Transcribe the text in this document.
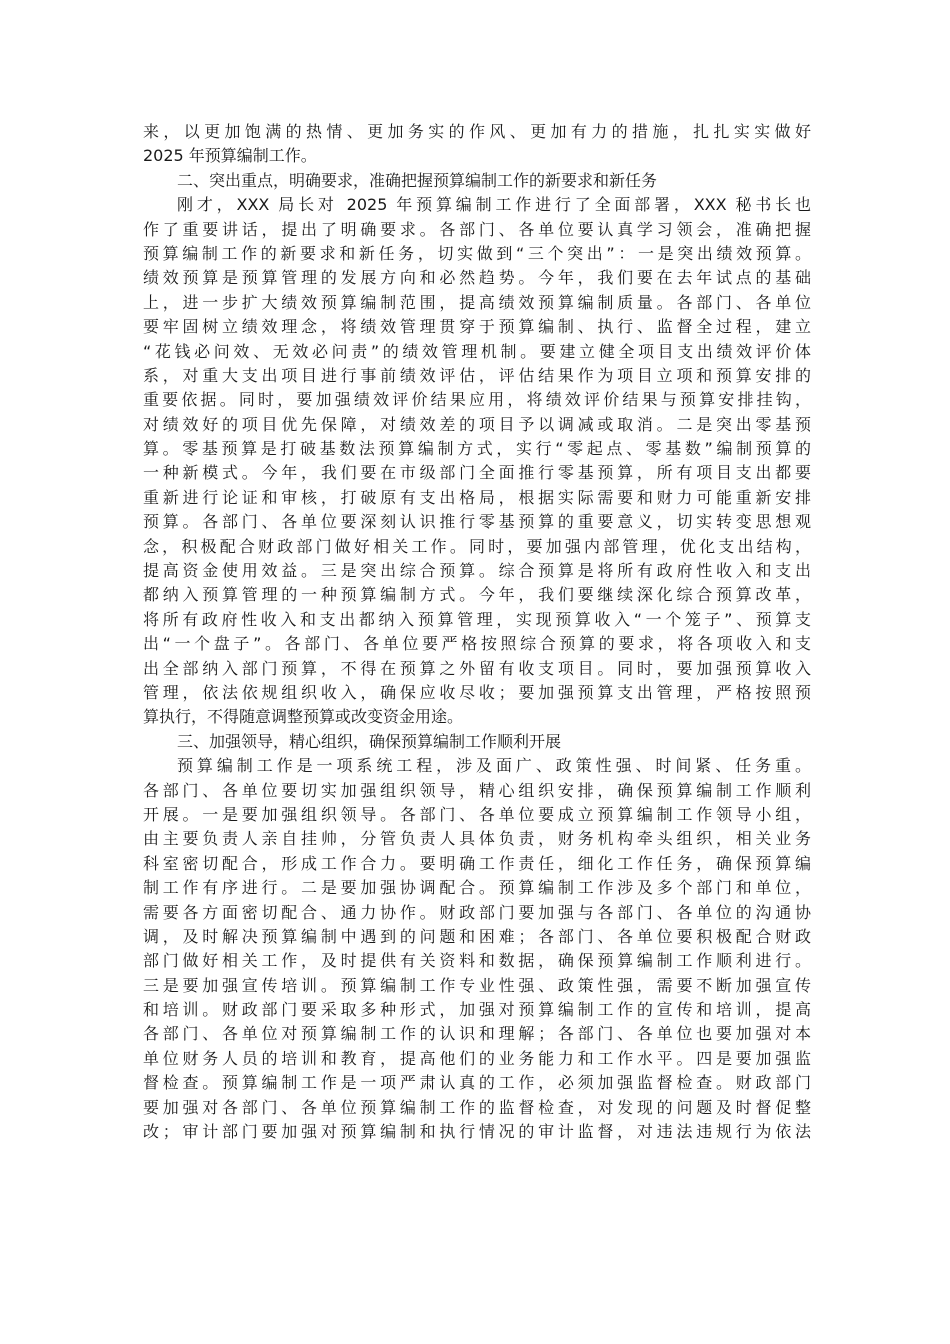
来，以更加饱满的热情、更加务实的作风、更加有力的措施，扎扎实实做好
2025 年预算编制工作。
二、突出重点，明确要求，准确把握预算编制工作的新要求和新任务
刚才，XXX 局长对 2025 年预算编制工作进行了全面部署，XXX 秘书长也
作了重要讲话，提出了明确要求。各部门、各单位要认真学习领会，准确把握
预算编制工作的新要求和新任务，切实做到“三个突出”：一是突出绩效预算。
绩效预算是预算管理的发展方向和必然趋势。今年，我们要在去年试点的基础
上，进一步扩大绩效预算编制范围，提高绩效预算编制质量。各部门、各单位
要牢固树立绩效理念，将绩效管理贯穿于预算编制、执行、监督全过程，建立
“花钱必问效、无效必问责”的绩效管理机制。要建立健全项目支出绩效评价体
系，对重大支出项目进行事前绩效评估，评估结果作为项目立项和预算安排的
重要依据。同时，要加强绩效评价结果应用，将绩效评价结果与预算安排挂钩，
对绩效好的项目优先保障，对绩效差的项目予以调减或取消。二是突出零基预
算。零基预算是打破基数法预算编制方式，实行“零起点、零基数”编制预算的
一种新模式。今年，我们要在市级部门全面推行零基预算，所有项目支出都要
重新进行论证和审核，打破原有支出格局，根据实际需要和财力可能重新安排
预算。各部门、各单位要深刻认识推行零基预算的重要意义，切实转变思想观
念，积极配合财政部门做好相关工作。同时，要加强内部管理，优化支出结构，
提高资金使用效益。三是突出综合预算。综合预算是将所有政府性收入和支出
都纳入预算管理的一种预算编制方式。今年，我们要继续深化综合预算改革，
将所有政府性收入和支出都纳入预算管理，实现预算收入“一个笼子”、预算支
出“一个盘子”。各部门、各单位要严格按照综合预算的要求，将各项收入和支
出全部纳入部门预算，不得在预算之外留有收支项目。同时，要加强预算收入
管理，依法依规组织收入，确保应收尽收；要加强预算支出管理，严格按照预
算执行，不得随意调整预算或改变资金用途。
三、加强领导，精心组织，确保预算编制工作顺利开展
预算编制工作是一项系统工程，涉及面广、政策性强、时间紧、任务重。
各部门、各单位要切实加强组织领导，精心组织安排，确保预算编制工作顺利
开展。一是要加强组织领导。各部门、各单位要成立预算编制工作领导小组，
由主要负责人亲自挂帅，分管负责人具体负责，财务机构牵头组织，相关业务
科室密切配合，形成工作合力。要明确工作责任，细化工作任务，确保预算编
制工作有序进行。二是要加强协调配合。预算编制工作涉及多个部门和单位，
需要各方面密切配合、通力协作。财政部门要加强与各部门、各单位的沟通协
调，及时解决预算编制中遇到的问题和困难；各部门、各单位要积极配合财政
部门做好相关工作，及时提供有关资料和数据，确保预算编制工作顺利进行。
三是要加强宣传培训。预算编制工作专业性强、政策性强，需要不断加强宣传
和培训。财政部门要采取多种形式，加强对预算编制工作的宣传和培训，提高
各部门、各单位对预算编制工作的认识和理解；各部门、各单位也要加强对本
单位财务人员的培训和教育，提高他们的业务能力和工作水平。四是要加强监
督检查。预算编制工作是一项严肃认真的工作，必须加强监督检查。财政部门
要加强对各部门、各单位预算编制工作的监督检查，对发现的问题及时督促整
改；审计部门要加强对预算编制和执行情况的审计监督，对违法违规行为依法
